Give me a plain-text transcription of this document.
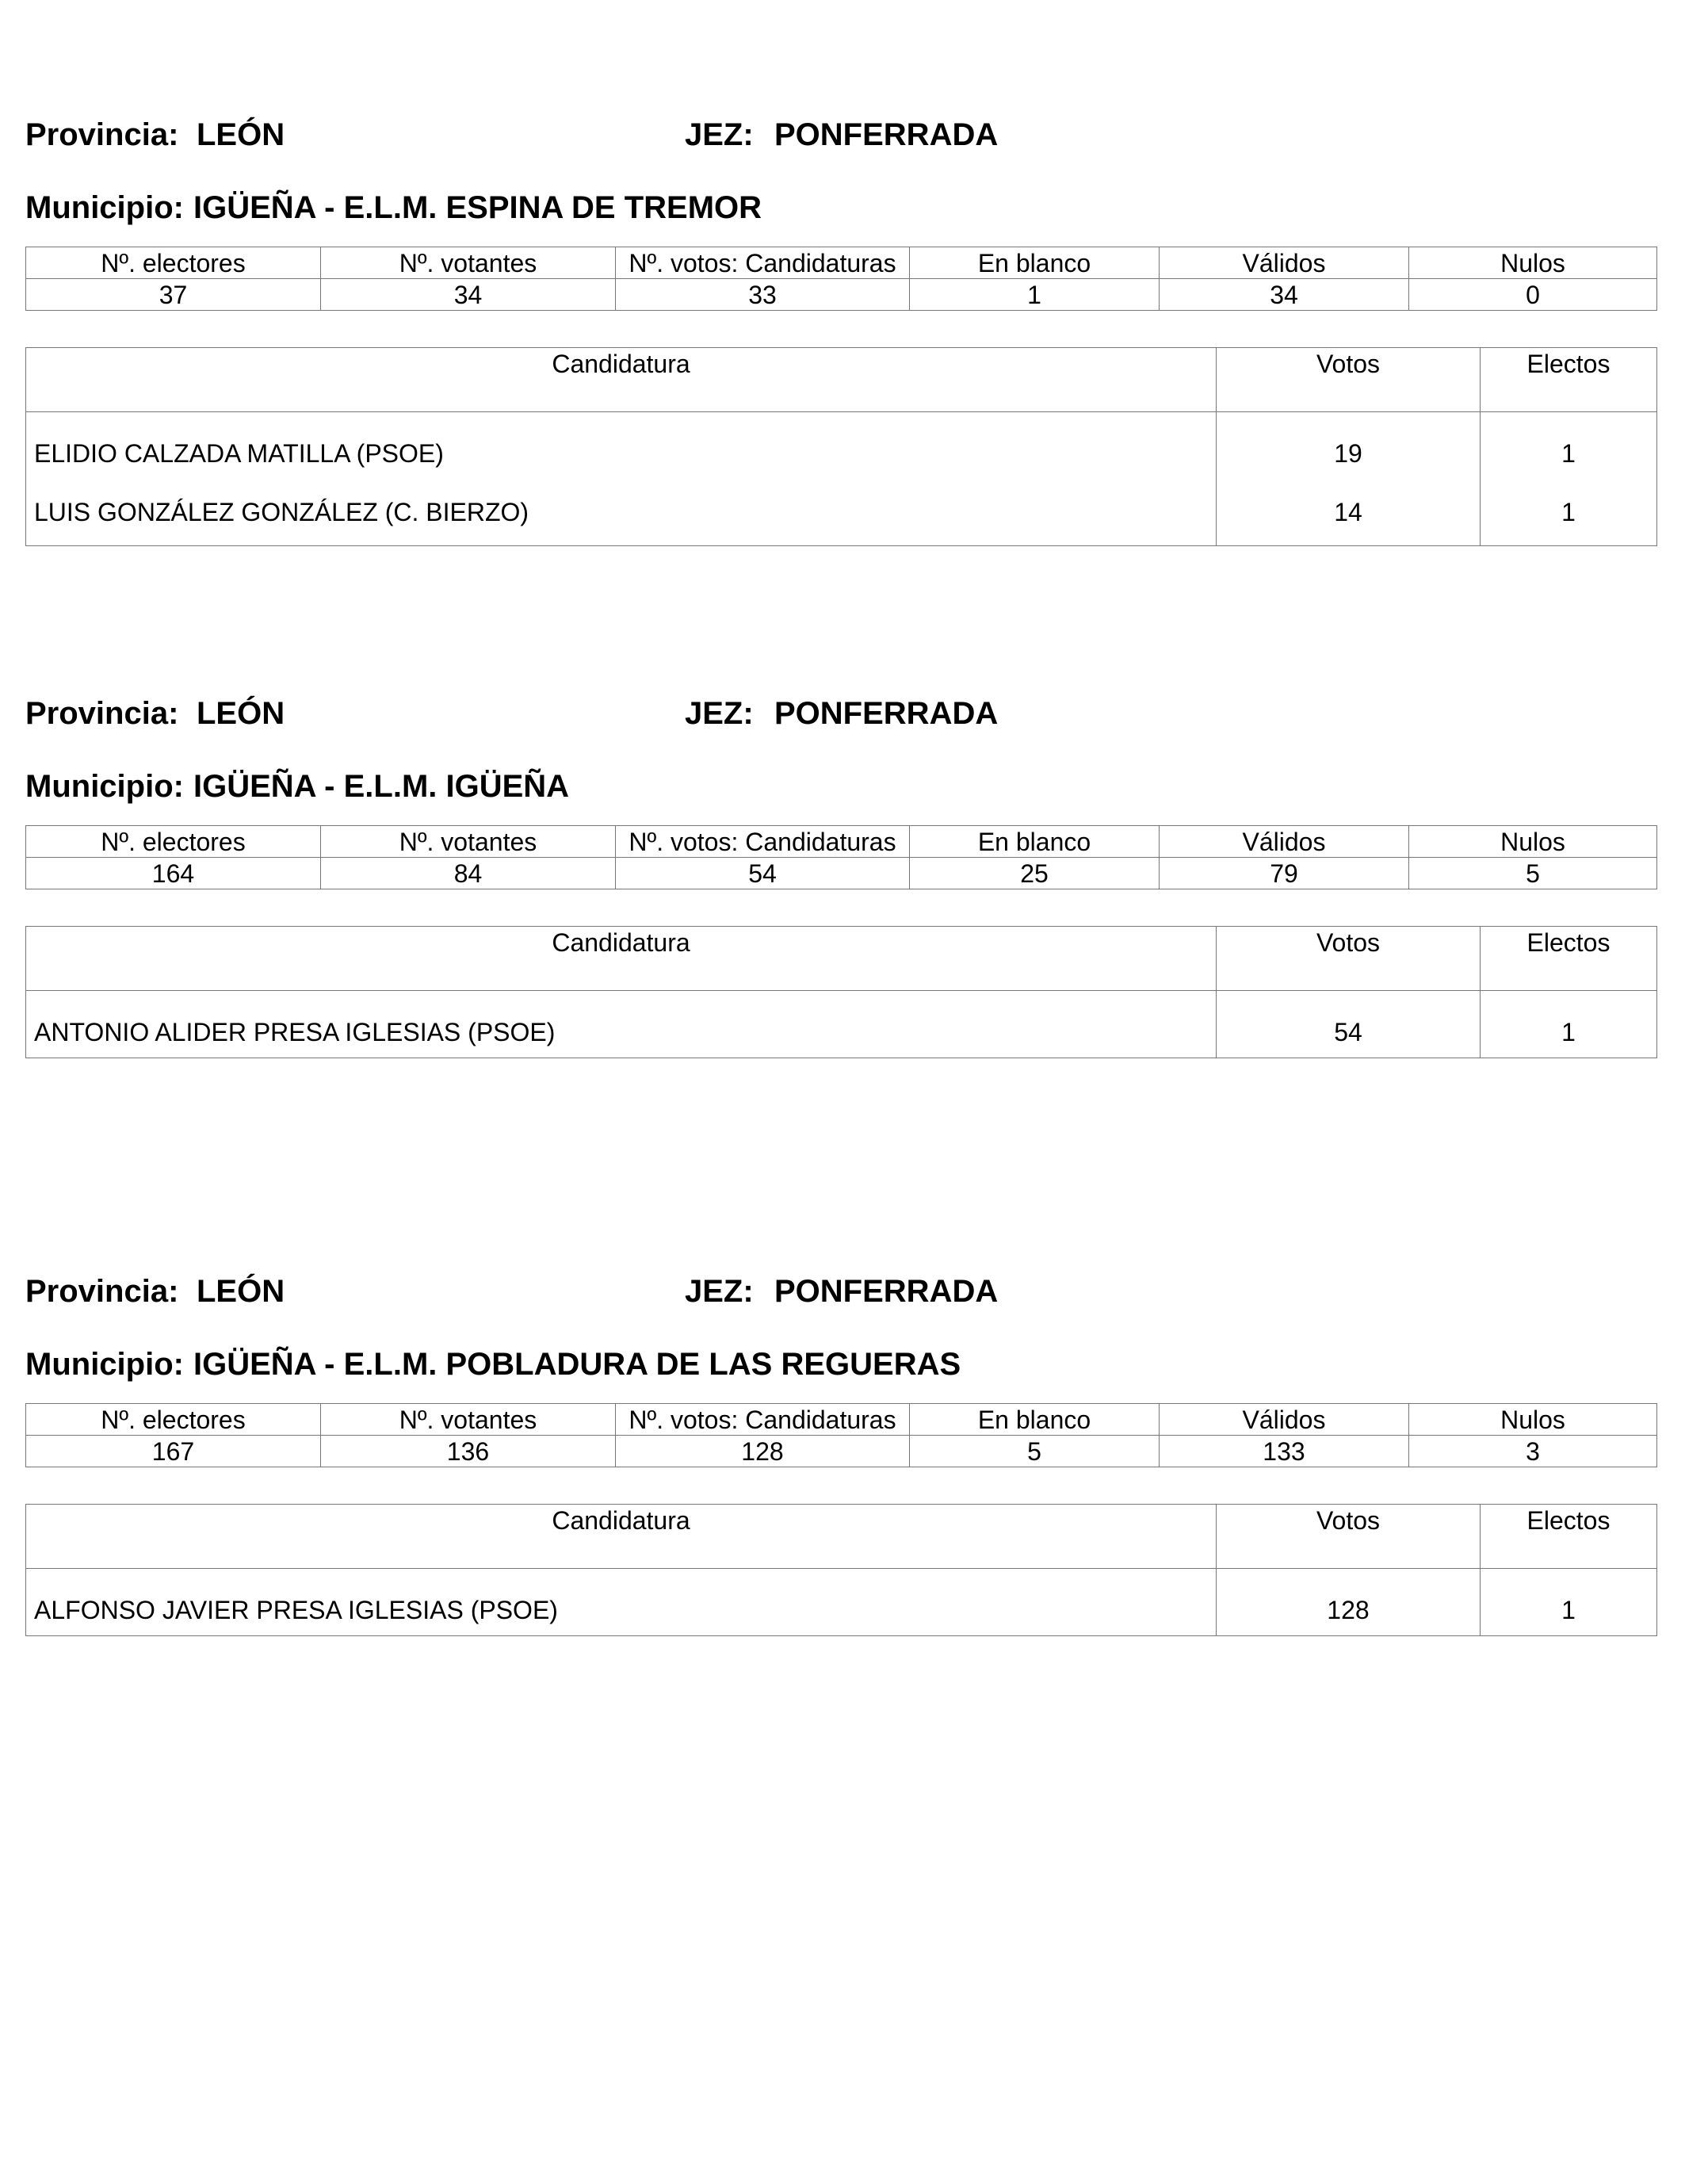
Provincia: LEÓN	JEZ: PONFERRADA
Municipio: IGÜEÑA - E.L.M. ESPINA DE TREMOR
Nº. electores	Nº. votantes	Nº. votos: Candidaturas	En blanco	Válidos	Nulos
37	34	33	1	34	0
Candidatura	Votos	Electos
ELIDIO CALZADA MATILLA (PSOE)	19	1
LUIS GONZÁLEZ GONZÁLEZ (C. BIERZO)	14	1
Provincia: LEÓN	JEZ: PONFERRADA
Municipio: IGÜEÑA - E.L.M. IGÜEÑA
Nº. electores	Nº. votantes	Nº. votos: Candidaturas	En blanco	Válidos	Nulos
164	84	54	25	79	5
Candidatura	Votos	Electos
ANTONIO ALIDER PRESA IGLESIAS (PSOE)	54	1
Provincia: LEÓN	JEZ: PONFERRADA
Municipio: IGÜEÑA - E.L.M. POBLADURA DE LAS REGUERAS
Nº. electores	Nº. votantes	Nº. votos: Candidaturas	En blanco	Válidos	Nulos
167	136	128	5	133	3
Candidatura	Votos	Electos
ALFONSO JAVIER PRESA IGLESIAS (PSOE)	128	1
